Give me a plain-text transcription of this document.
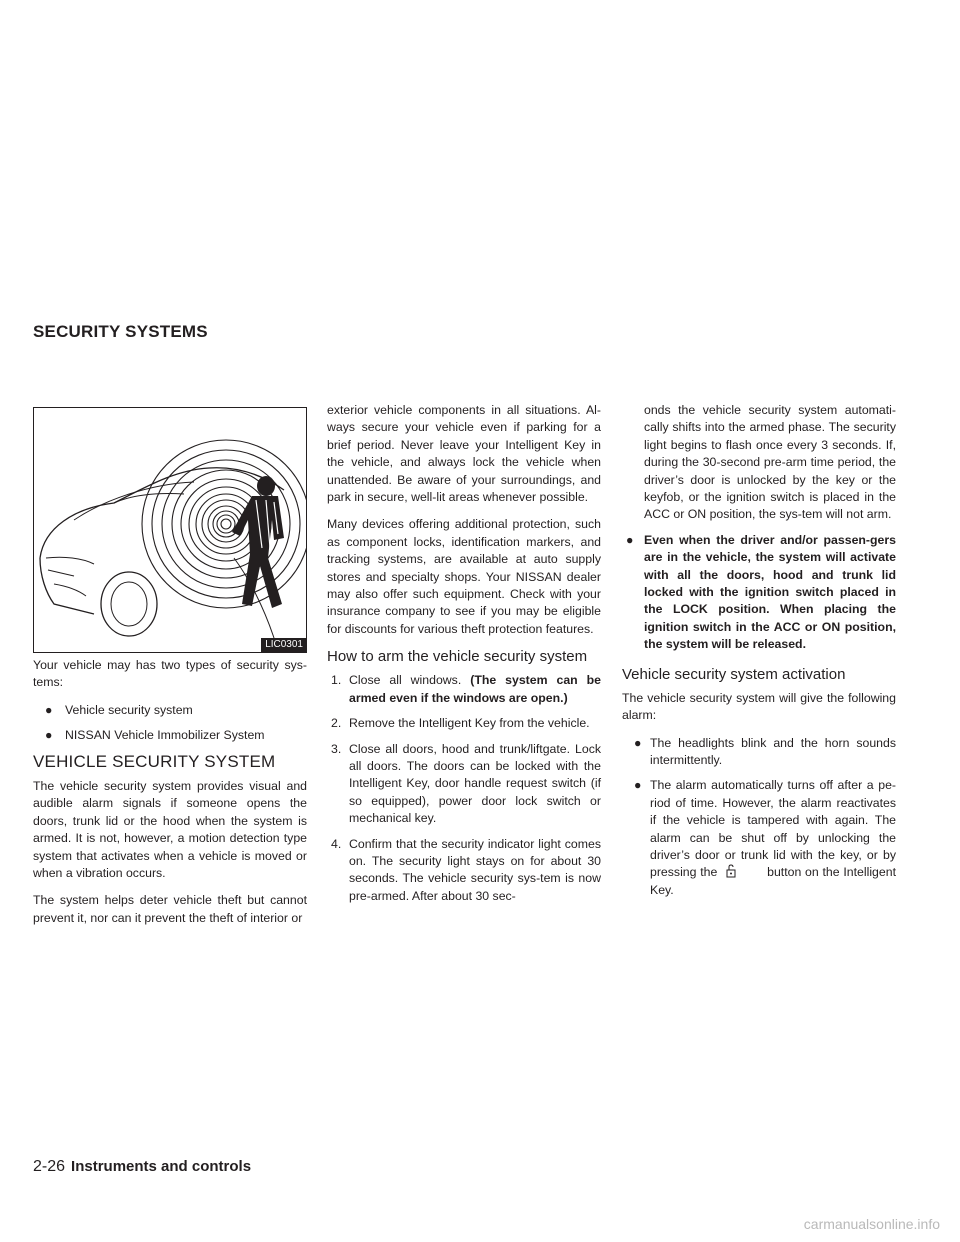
SECURITY SYSTEMS
LIC0301

Your vehicle may has two types of security sys-tems:

● Vehicle security system
● NISSAN Vehicle Immobilizer System
VEHICLE SECURITY SYSTEM

The vehicle security system provides visual and audible alarm signals if someone opens the doors, trunk lid or the hood when the system is armed. It is not, however, a motion detection type system that activates when a vehicle is moved or when a vibration occurs.

The system helps deter vehicle theft but cannot prevent it, nor can it prevent the theft of interior or

exterior vehicle components in all situations. Al-ways secure your vehicle even if parking for a brief period. Never leave your Intelligent Key in the vehicle, and always lock the vehicle when unattended. Be aware of your surroundings, and park in secure, well-lit areas whenever possible.

Many devices offering additional protection, such as component locks, identification markers, and tracking systems, are available at auto supply stores and specialty shops. Your NISSAN dealer may also offer such equipment. Check with your insurance company to see if you may be eligible for discounts for various theft protection features.

How to arm the vehicle security system
1. Close all windows. (The system can be armed even if the windows are open.)
2. Remove the Intelligent Key from the vehicle.
3. Close all doors, hood and trunk/liftgate. Lock all doors. The doors can be locked with the Intelligent Key, door handle request switch (if so equipped), power door lock switch or mechanical key.
4. Confirm that the security indicator light comes on. The security light stays on for about 30 seconds. The vehicle security sys-tem is now pre-armed. After about 30 sec-
onds the vehicle security system automati-cally shifts into the armed phase. The security light begins to flash once every 3 seconds. If, during the 30-second pre-arm time period, the driver’s door is unlocked by the key or the keyfob, or the ignition switch is placed in the ACC or ON position, the sys-tem will not arm.
● Even when the driver and/or passen-gers are in the vehicle, the system will activate with all the doors, hood and trunk lid locked with the ignition switch placed in the LOCK position. When placing the ignition switch in the ACC or ON position, the system will be released.
Vehicle security system activation

The vehicle security system will give the following alarm:

● The headlights blink and the horn sounds intermittently.
● The alarm automatically turns off after a pe-riod of time. However, the alarm reactivates if the vehicle is tampered with again. The alarm can be shut off by unlocking the driver’s door or trunk lid with the key, or by pressing the	button on the Intelligent Key.
2-26 Instruments and controls
carmanualsonline.info
